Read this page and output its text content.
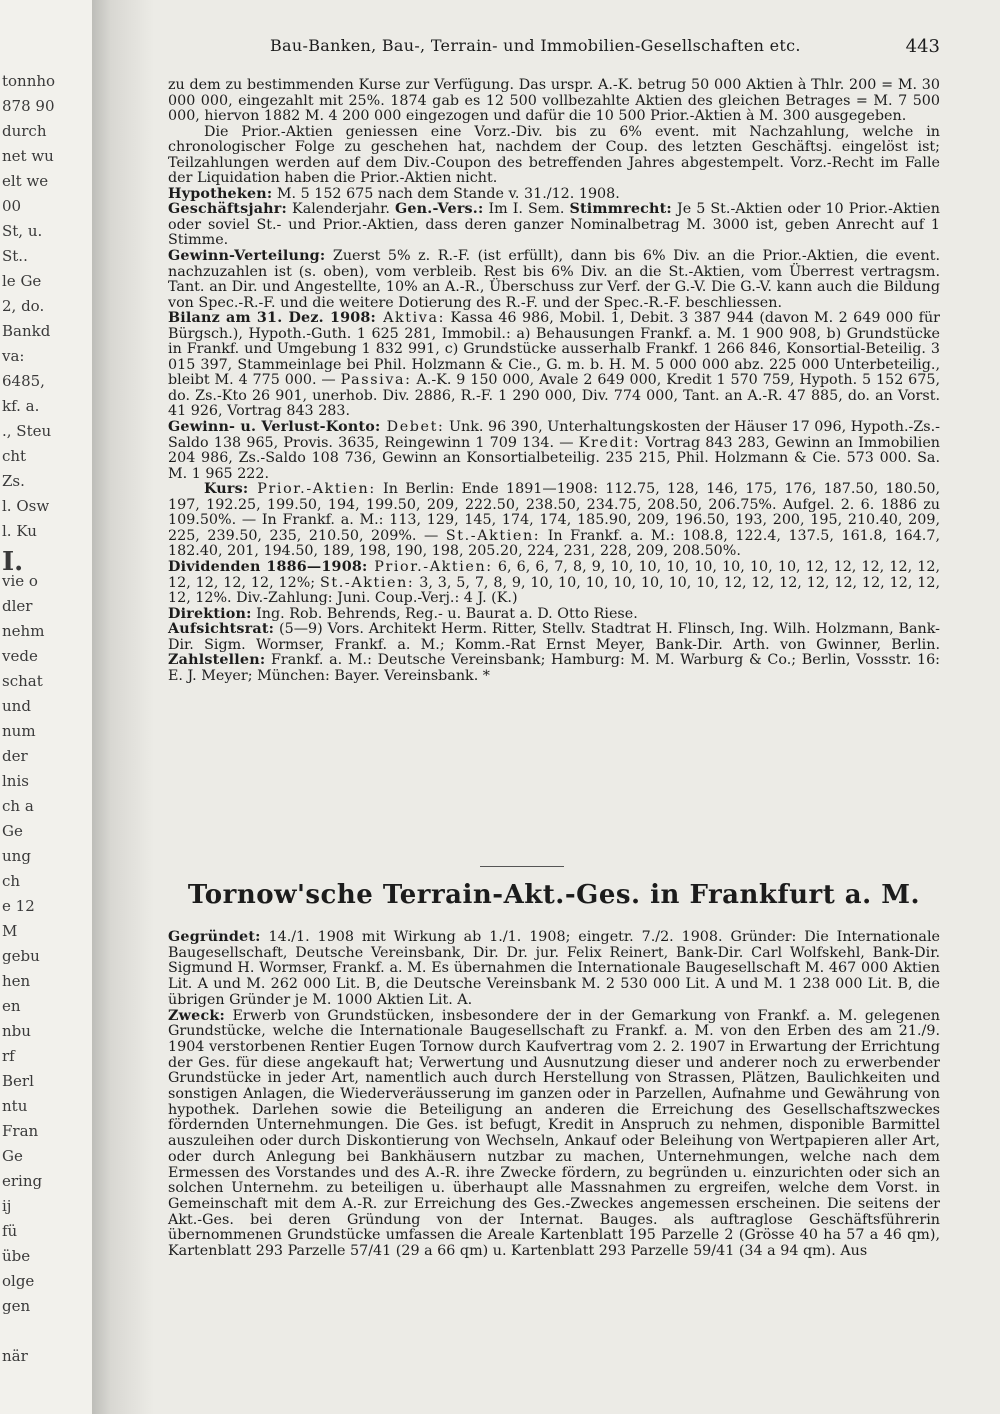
tonnho
878 90
durch
net wu
elt we
00
St, u.
St..
le Ge
2, do.
Bankd
va:
6485,
kf. a.
., Steu
cht
Zs.
l. Osw
l. Ku
I.
vie o
dler
nehm
vede
schat
und
num
der
lnis
ch a
Ge
ung
ch
e 12
M
gebu
hen
en
nbu
rf
Berl
ntu
Fran
Ge
ering
ij
fü
übe
olge
gen
när
Bau-Banken, Bau-, Terrain- und Immobilien-Gesellschaften etc.	443

zu dem zu bestimmenden Kurse zur Verfügung. Das urspr. A.-K. betrug 50 000 Aktien à Thlr. 200 = M. 30 000 000, eingezahlt mit 25%. 1874 gab es 12 500 vollbezahlte Aktien des gleichen Betrages = M. 7 500 000, hiervon 1882 M. 4 200 000 eingezogen und dafür die 10 500 Prior.-Aktien à M. 300 ausgegeben.

Die Prior.-Aktien geniessen eine Vorz.-Div. bis zu 6% event. mit Nachzahlung, welche in chronologischer Folge zu geschehen hat, nachdem der Coup. des letzten Geschäftsj. eingelöst ist; Teilzahlungen werden auf dem Div.-Coupon des betreffenden Jahres abgestempelt. Vorz.-Recht im Falle der Liquidation haben die Prior.-Aktien nicht.

Hypotheken: M. 5 152 675 nach dem Stande v. 31./12. 1908.

Geschäftsjahr: Kalenderjahr. Gen.-Vers.: Im I. Sem. Stimmrecht: Je 5 St.-Aktien oder 10 Prior.-Aktien oder soviel St.- und Prior.-Aktien, dass deren ganzer Nominalbetrag M. 3000 ist, geben Anrecht auf 1 Stimme.

Gewinn-Verteilung: Zuerst 5% z. R.-F. (ist erfüllt), dann bis 6% Div. an die Prior.-Aktien, die event. nachzuzahlen ist (s. oben), vom verbleib. Rest bis 6% Div. an die St.-Aktien, vom Überrest vertragsm. Tant. an Dir. und Angestellte, 10% an A.-R., Überschuss zur Verf. der G.-V. Die G.-V. kann auch die Bildung von Spec.-R.-F. und die weitere Dotierung des R.-F. und der Spec.-R.-F. beschliessen.

Bilanz am 31. Dez. 1908: Aktiva: Kassa 46 986, Mobil. 1, Debit. 3 387 944 (davon M. 2 649 000 für Bürgsch.), Hypoth.-Guth. 1 625 281, Immobil.: a) Behausungen Frankf. a. M. 1 900 908, b) Grundstücke in Frankf. und Umgebung 1 832 991, c) Grundstücke ausserhalb Frankf. 1 266 846, Konsortial-Beteilig. 3 015 397, Stammeinlage bei Phil. Holzmann & Cie., G. m. b. H. M. 5 000 000 abz. 225 000 Unterbeteilig., bleibt M. 4 775 000. — Passiva: A.-K. 9 150 000, Avale 2 649 000, Kredit 1 570 759, Hypoth. 5 152 675, do. Zs.-Kto 26 901, unerhob. Div. 2886, R.-F. 1 290 000, Div. 774 000, Tant. an A.-R. 47 885, do. an Vorst. 41 926, Vortrag 843 283.

Gewinn- u. Verlust-Konto: Debet: Unk. 96 390, Unterhaltungskosten der Häuser 17 096, Hypoth.-Zs.-Saldo 138 965, Provis. 3635, Reingewinn 1 709 134. — Kredit: Vortrag 843 283, Gewinn an Immobilien 204 986, Zs.-Saldo 108 736, Gewinn an Konsortialbeteilig. 235 215, Phil. Holzmann & Cie. 573 000. Sa. M. 1 965 222.

Kurs: Prior.-Aktien: In Berlin: Ende 1891—1908: 112.75, 128, 146, 175, 176, 187.50, 180.50, 197, 192.25, 199.50, 194, 199.50, 209, 222.50, 238.50, 234.75, 208.50, 206.75%. Aufgel. 2. 6. 1886 zu 109.50%. — In Frankf. a. M.: 113, 129, 145, 174, 174, 185.90, 209, 196.50, 193, 200, 195, 210.40, 209, 225, 239.50, 235, 210.50, 209%. — St.-Aktien: In Frankf. a. M.: 108.8, 122.4, 137.5, 161.8, 164.7, 182.40, 201, 194.50, 189, 198, 190, 198, 205.20, 224, 231, 228, 209, 208.50%.

Dividenden 1886—1908: Prior.-Aktien: 6, 6, 6, 7, 8, 9, 10, 10, 10, 10, 10, 10, 10, 12, 12, 12, 12, 12, 12, 12, 12, 12, 12%; St.-Aktien: 3, 3, 5, 7, 8, 9, 10, 10, 10, 10, 10, 10, 10, 12, 12, 12, 12, 12, 12, 12, 12, 12, 12%. Div.-Zahlung: Juni. Coup.-Verj.: 4 J. (K.)

Direktion: Ing. Rob. Behrends, Reg.- u. Baurat a. D. Otto Riese.

Aufsichtsrat: (5—9) Vors. Architekt Herm. Ritter, Stellv. Stadtrat H. Flinsch, Ing. Wilh. Holzmann, Bank-Dir. Sigm. Wormser, Frankf. a. M.; Komm.-Rat Ernst Meyer, Bank-Dir. Arth. von Gwinner, Berlin. Zahlstellen: Frankf. a. M.: Deutsche Vereinsbank; Hamburg: M. M. Warburg & Co.; Berlin, Vossstr. 16: E. J. Meyer; München: Bayer. Vereinsbank. *

Tornow'sche Terrain-Akt.-Ges. in Frankfurt a. M.

Gegründet: 14./1. 1908 mit Wirkung ab 1./1. 1908; eingetr. 7./2. 1908. Gründer: Die Internationale Baugesellschaft, Deutsche Vereinsbank, Dir. Dr. jur. Felix Reinert, Bank-Dir. Carl Wolfskehl, Bank-Dir. Sigmund H. Wormser, Frankf. a. M. Es übernahmen die Internationale Baugesellschaft M. 467 000 Aktien Lit. A und M. 262 000 Lit. B, die Deutsche Vereinsbank M. 2 530 000 Lit. A und M. 1 238 000 Lit. B, die übrigen Gründer je M. 1000 Aktien Lit. A.

Zweck: Erwerb von Grundstücken, insbesondere der in der Gemarkung von Frankf. a. M. gelegenen Grundstücke, welche die Internationale Baugesellschaft zu Frankf. a. M. von den Erben des am 21./9. 1904 verstorbenen Rentier Eugen Tornow durch Kaufvertrag vom 2. 2. 1907 in Erwartung der Errichtung der Ges. für diese angekauft hat; Verwertung und Ausnutzung dieser und anderer noch zu erwerbender Grundstücke in jeder Art, namentlich auch durch Herstellung von Strassen, Plätzen, Baulichkeiten und sonstigen Anlagen, die Wiederveräusserung im ganzen oder in Parzellen, Aufnahme und Gewährung von hypothek. Darlehen sowie die Beteiligung an anderen die Erreichung des Gesellschaftszweckes fördernden Unternehmungen. Die Ges. ist befugt, Kredit in Anspruch zu nehmen, disponible Barmittel auszuleihen oder durch Diskontierung von Wechseln, Ankauf oder Beleihung von Wertpapieren aller Art, oder durch Anlegung bei Bankhäusern nutzbar zu machen, Unternehmungen, welche nach dem Ermessen des Vorstandes und des A.-R. ihre Zwecke fördern, zu begründen u. einzurichten oder sich an solchen Unternehm. zu beteiligen u. überhaupt alle Massnahmen zu ergreifen, welche dem Vorst. in Gemeinschaft mit dem A.-R. zur Erreichung des Ges.-Zweckes angemessen erscheinen. Die seitens der Akt.-Ges. bei deren Gründung von der Internat. Bauges. als auftraglose Geschäftsführerin übernommenen Grundstücke umfassen die Areale Kartenblatt 195 Parzelle 2 (Grösse 40 ha 57 a 46 qm), Kartenblatt 293 Parzelle 57/41 (29 a 66 qm) u. Kartenblatt 293 Parzelle 59/41 (34 a 94 qm). Aus
